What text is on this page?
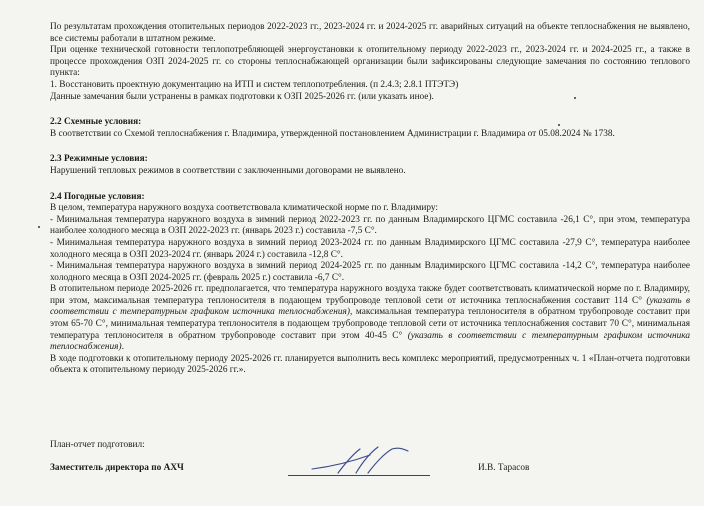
По результатам прохождения отопительных периодов 2022-2023 гг., 2023-2024 гг. и 2024-2025 гг. аварийных ситуаций на объекте теплоснабжения не выявлено, все системы работали в штатном режиме.

При оценке технической готовности теплопотребляющей энергоустановки к отопительному периоду 2022-2023 гг., 2023-2024 гг. и 2024-2025 гг., а также в процессе прохождения ОЗП 2024-2025 гг. со стороны теплоснабжающей организации были зафиксированы следующие замечания по состоянию теплового пункта:

1. Восстановить проектную документацию на ИТП и систем теплопотребления. (п 2.4.3; 2.8.1 ПТЭТЭ)

Данные замечания были устранены в рамках подготовки к ОЗП 2025-2026 гг. (или указать иное).

2.2 Схемные условия:

В соответствии со Схемой теплоснабжения г. Владимира, утвержденной постановлением Администрации г. Владимира от 05.08.2024 № 1738.

2.3 Режимные условия:

Нарушений тепловых режимов в соответствии с заключенными договорами не выявлено.

2.4 Погодные условия:

В целом, температура наружного воздуха соответствовала климатической норме по г. Владимиру:

- Минимальная температура наружного воздуха в зимний период 2022-2023 гг. по данным Владимирского ЦГМС составила -26,1 С°, при этом, температура наиболее холодного месяца в ОЗП 2022-2023 гг. (январь 2023 г.) составила -7,5 С°.

- Минимальная температура наружного воздуха в зимний период 2023-2024 гг. по данным Владимирского ЦГМС составила -27,9 С°, температура наиболее холодного месяца в ОЗП 2023-2024 гг. (январь 2024 г.) составила -12,8 С°.

- Минимальная температура наружного воздуха в зимний период 2024-2025 гг. по данным Владимирского ЦГМС составила -14,2 С°, температура наиболее холодного месяца в ОЗП 2024-2025 гг. (февраль 2025 г.) составила -6,7 С°.

В отопительном периоде 2025-2026 гг. предполагается, что температура наружного воздуха также будет соответствовать климатической норме по г. Владимиру, при этом, максимальная температура теплоносителя в подающем трубопроводе тепловой сети от источника теплоснабжения составит 114 С° (указать в соответствии с температурным графиком источника теплоснабжения), максимальная температура теплоносителя в обратном трубопроводе составит при этом 65-70 С°, минимальная температура теплоносителя в подающем трубопроводе тепловой сети от источника теплоснабжения составит 70 С°, минимальная температура теплоносителя в обратном трубопроводе составит при этом 40-45 С° (указать в соответствии с температурным графиком источника теплоснабжения).

В ходе подготовки к отопительному периоду 2025-2026 гг. планируется выполнить весь комплекс мероприятий, предусмотренных ч. 1 «План-отчета подготовки объекта к отопительному периоду 2025-2026 гг.».

План-отчет подготовил:
Заместитель директора по АХЧ	И.В. Тарасов
